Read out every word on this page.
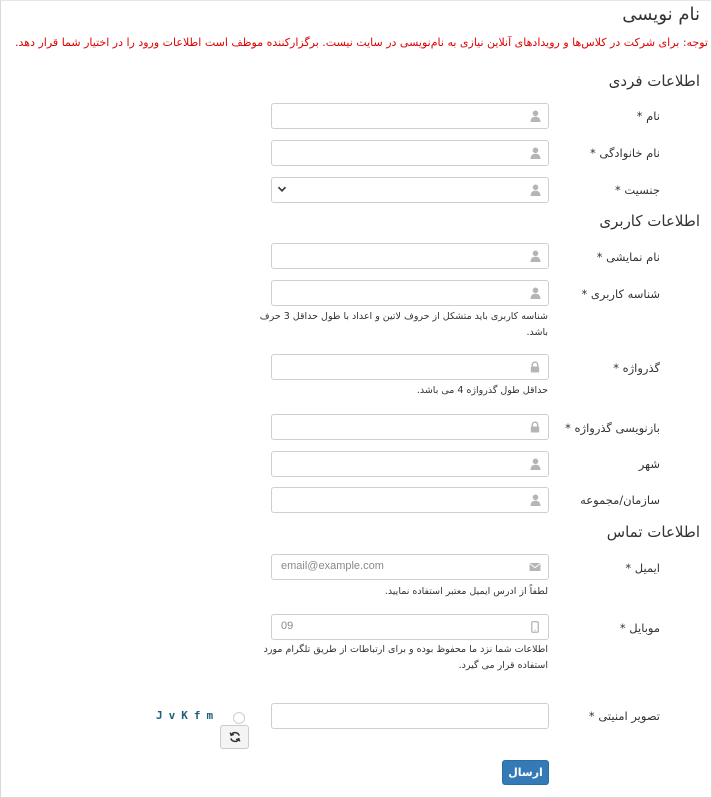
نام نویسی
توجه: برای شرکت در کلاس‌ها و رویدادهای آنلاین نیازی به نام‌نویسی در سایت نیست. برگزارکننده موظف است اطلاعات ورود را در اختیار شما قرار دهد.
اطلاعات فردی
نام *
نام خانوادگی *
جنسیت *
اطلاعات کاربری
نام نمایشی *
شناسه کاربری *
شناسه کاربری باید متشکل از حروف لاتین و اعداد با طول حداقل 3 حرف باشد.
گذرواژه *
حداقل طول گذرواژه 4 می باشد.
بازنویسی گذرواژه *
شهر
سازمان/مجموعه
اطلاعات تماس
ایمیل *
email@example.com
لطفاً از ادرس ایمیل معتبر استفاده نمایید.
موبایل *
09
اطلاعات شما نزد ما محفوظ بوده و برای ارتباطات از طریق تلگرام مورد استفاده قرار می گیرد.
تصویر امنیتی *
JvKfm
ارسال
